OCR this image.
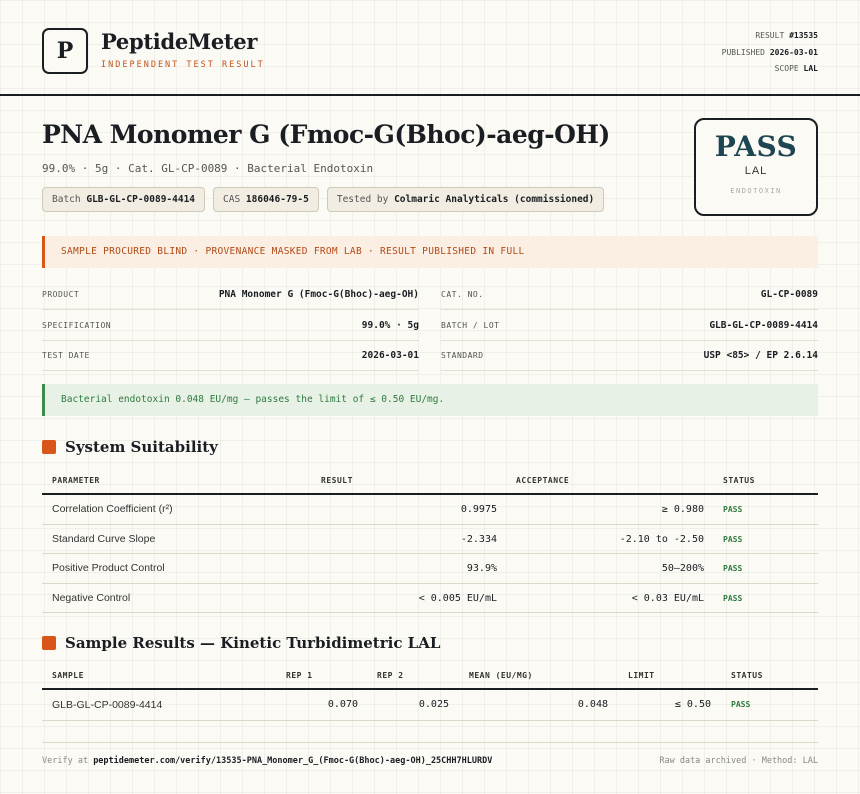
P PeptideMeter
INDEPENDENT TEST RESULT
RESULT #13535
PUBLISHED 2026-03-01
SCOPE LAL
PNA Monomer G (Fmoc-G(Bhoc)-aeg-OH)
99.0% · 5g · Cat. GL-CP-0089 · Bacterial Endotoxin
Batch GLB-GL-CP-0089-4414	CAS 186046-79-5	Tested by Colmaric Analyticals (commissioned)
PASS
LAL
ENDOTOXIN
SAMPLE PROCURED BLIND · PROVENANCE MASKED FROM LAB · RESULT PUBLISHED IN FULL
PRODUCT	PNA Monomer G (Fmoc-G(Bhoc)-aeg-OH)
SPECIFICATION	99.0% · 5g
TEST DATE	2026-03-01
CAT. NO.	GL-CP-0089
BATCH / LOT	GLB-GL-CP-0089-4414
STANDARD	USP <85> / EP 2.6.14
Bacterial endotoxin 0.048 EU/mg — passes the limit of ≤ 0.50 EU/mg.
System Suitability
PARAMETER	RESULT	ACCEPTANCE	STATUS
Correlation Coefficient (r²)	0.9975	≥ 0.980 PASS
Standard Curve Slope	-2.334	-2.10 to -2.50 PASS
Positive Product Control	93.9%	50–200% PASS
Negative Control	< 0.005 EU/mL	< 0.03 EU/mL PASS
Sample Results — Kinetic Turbidimetric LAL
SAMPLE	REP 1	REP 2	MEAN (EU/MG)	LIMIT	STATUS
GLB-GL-CP-0089-4414	0.070	0.025	0.048	≤ 0.50	PASS
Verify at peptidemeter.com/verify/13535-PNA_Monomer_G_(Fmoc-G(Bhoc)-aeg-OH)_25CHH7HLURDV	Raw data archived · Method: LAL
